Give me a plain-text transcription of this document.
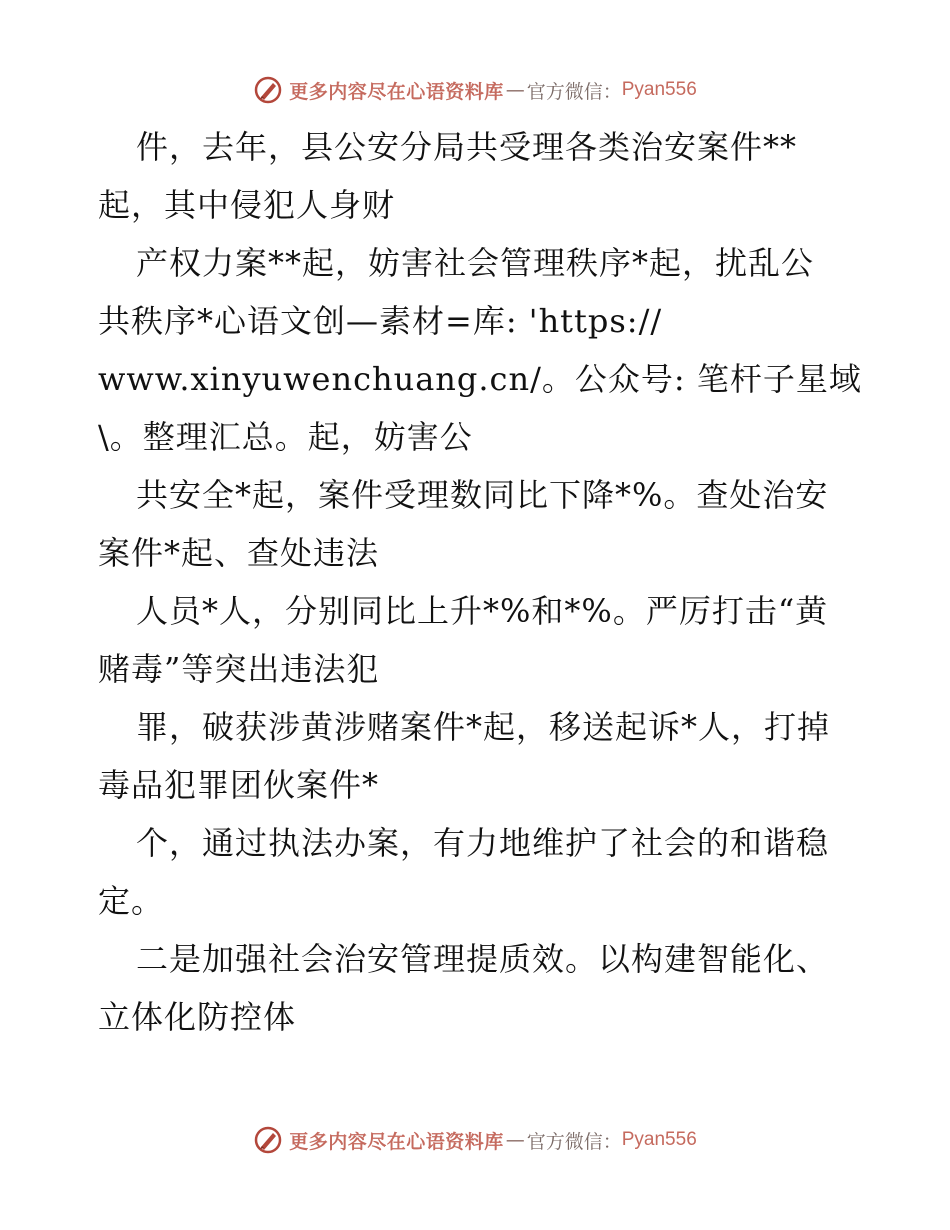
更多内容尽在心语资料库 — 官方微信： Pyan556
件，去年，县公安分局共受理各类治安案件**
起，其中侵犯人身财
产权力案**起，妨害社会管理秩序*起，扰乱公
共秩序*心语文创—素材=库: 'https://
www.xinyuwenchuang.cn/。公众号: 笔杆子星域
\。整理汇总。起，妨害公
共安全*起，案件受理数同比下降*%。查处治安
案件*起、查处违法
人员*人，分别同比上升*%和*%。严厉打击“黄
赌毒”等突出违法犯
罪，破获涉黄涉赌案件*起，移送起诉*人，打掉
毒品犯罪团伙案件*
个，通过执法办案，有力地维护了社会的和谐稳
定。
二是加强社会治安管理提质效。以构建智能化、
立体化防控体
更多内容尽在心语资料库 — 官方微信： Pyan556
